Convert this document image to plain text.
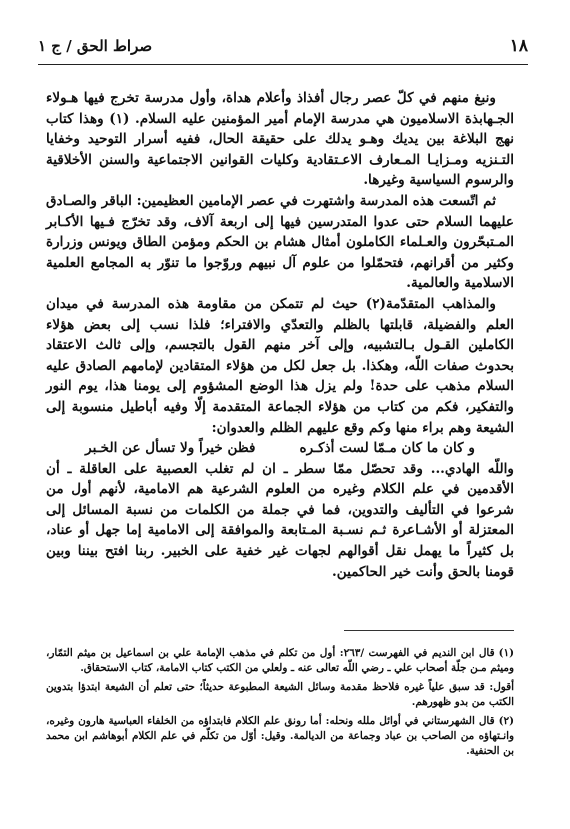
١٨
صراط الحق / ج ١

ونبغ منهم في كلّ عصر رجال أفذاذ وأعلام هداة، وأول مدرسة تخرج فيها هـولاء الجـهابذة الاسلاميون هي مدرسة الإمام أمير المؤمنين عليه السلام. (١) وهذا كتاب نهج البلاغة بين يديك وهـو يدلك على حقيقة الحال، ففيه أسرار التوحيد وخفايا التـنزيه ومـزايـا المـعارف الاعـتقادية وكليات القوانين الاجتماعية والسنن الأخلاقية والرسوم السياسية وغيرها.

ثم اتّسعت هذه المدرسة واشتهرت في عصر الإمامين العظيمين: الباقر والصـادق عليهما السلام حتى عدوا المتدرسين فيها إلى اربعة آلاف، وقد تخرّج فـيها الأكـابر المـتبحّرون والعـلماء الكاملون أمثال هشام بن الحكم ومؤمن الطاق ويونس وزرارة وكثير من أقرانهم، فتحمّلوا من علوم آل نبيهم وروّجوا ما تنوّر به المجامع العلمية الاسلامية والعالمية.

والمذاهب المتقدّمة(٢) حيث لم تتمكن من مقاومة هذه المدرسة في ميدان العلم والفضيلة، قابلتها بالظلم والتعدّي والافتراء؛ فلذا نسب إلى بعض هؤلاء الكاملين القـول بـالتشبيه، وإلى آخر منهم القول بالتجسم، وإلى ثالث الاعتقاد بحدوث صفات اللّه، وهكذا. بل جعل لكل من هؤلاء المتقادين لإمامهم الصادق عليه السلام مذهب على حدة! ولم يزل هذا الوضع المشؤوم إلى يومنا هذا، يوم النور والتفكير، فكم من كتاب من هؤلاء الجماعة المتقدمة إلّا وفيه أباطيل منسوبة إلى الشيعة وهم براء منها وكم وقع عليهم الظلم والعدوان:

و كان ما كان مـمّا لست أذكـره
فظن خيراً ولا تسأل عن الخـبر

واللّه الهادي... وقد تحصّل ممّا سطر ـ ان لم تغلب العصبية على العاقلة ـ أن الأقدمين في علم الكلام وغيره من العلوم الشرعية هم الامامية، لأنهم أول من شرعوا في التأليف والتدوين، فما في جملة من الكلمات من نسبة المسائل إلى المعتزلة أو الأشـاعرة ثـم نسـبة المـتابعة والموافقة إلى الامامية إما جهل أو عناد، بل كثيراً ما يهمل نقل أقوالهم لجهات غير خفية على الخبير. ربنا افتح بيننا وبين قومنا بالحق وأنت خير الحاكمين.

(١)قال ابن النديم في الفهرست /٢٦٣: أول من تكلم في مذهب الإمامة علي بن اسماعيل بن ميثم التمّار، وميثم مـن جلّة أصحاب علي ـ رضي اللّه تعالى عنه ـ ولعلي من الكتب كتاب الامامة، كتاب الاستحقاق.

أقول: قد سبق علياً غيره فلاحظ مقدمة وسائل الشيعة المطبوعة حديثاً؛ حتى تعلم أن الشيعة ابتدؤا بتدوين الكتب من بدو ظهورهم.

(٢)قال الشهرستاني في أوائل ملله ونحله: أما رونق علم الكلام فابتداؤه من الخلفاء العباسية هارون وغيره، وانـتهاؤه من الصاحب بن عباد وجماعة من الديالمة. وقيل: أوّل من تكلّم في علم الكلام أبوهاشم ابن محمد بن الحنفية.
